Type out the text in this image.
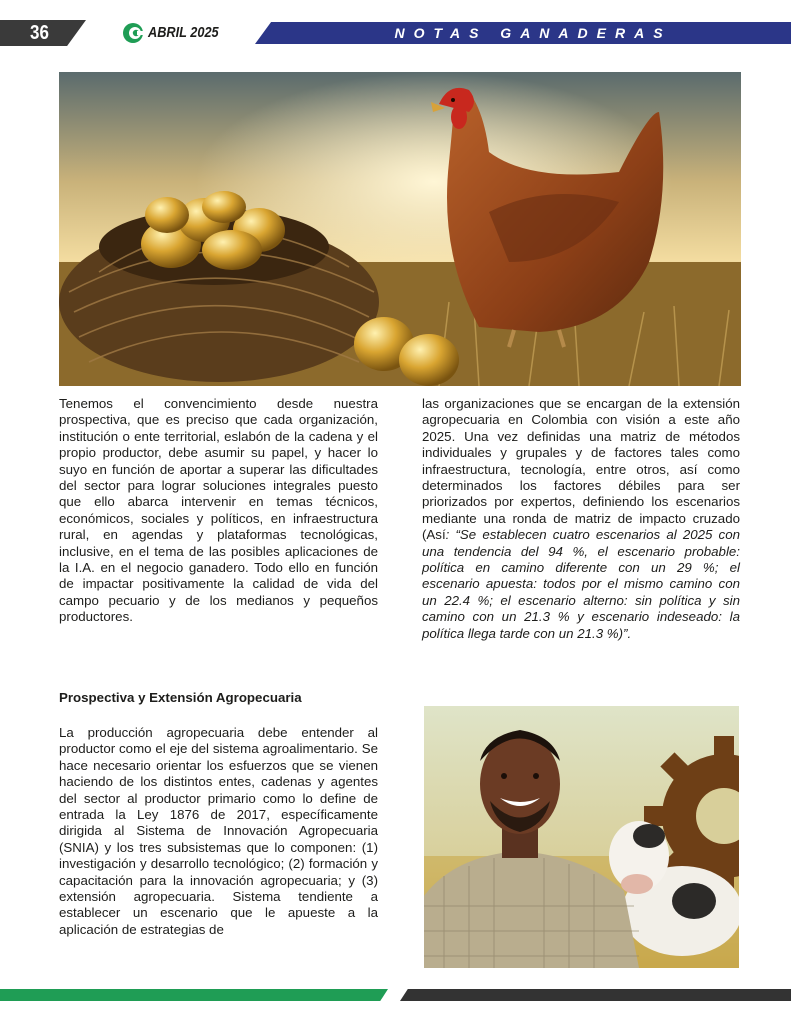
36	ABRIL 2025	NOTAS GANADERAS
Tenemos el convencimiento desde nuestra prospectiva, que es preciso que cada organización, institución o ente territorial, eslabón de la cadena y el propio productor, debe asumir su papel, y hacer lo suyo en función de aportar a superar las dificultades del sector para lograr soluciones integrales puesto que ello abarca intervenir en temas técnicos, económicos, sociales y políticos, en infraestructura rural, en agendas y plataformas tecnológicas, inclusive, en el tema de las posibles aplicaciones de la I.A. en el negocio ganadero. Todo ello en función de impactar positivamente la calidad de vida del campo pecuario y de los medianos y pequeños productores.
Prospectiva y Extensión Agropecuaria
La producción agropecuaria debe entender al productor como el eje del sistema agroalimentario. Se hace necesario orientar los esfuerzos que se vienen haciendo de los distintos entes, cadenas y agentes del sector al productor primario como lo define de entrada la Ley 1876 de 2017, específicamente dirigida al Sistema de Innovación Agropecuaria (SNIA) y los tres subsistemas que lo componen: (1) investigación y desarrollo tecnológico; (2) formación y capacitación para la innovación agropecuaria; y (3) extensión agropecuaria. Sistema tendiente a establecer un escenario que le apueste a la aplicación de estrategias de
las organizaciones que se encargan de la extensión agropecuaria en Colombia con visión a este año 2025. Una vez definidas una matriz de métodos individuales y grupales y de factores tales como infraestructura, tecnología, entre otros, así como determinados los factores débiles para ser priorizados por expertos, definiendo los escenarios mediante una ronda de matriz de impacto cruzado (Así: “Se establecen cuatro escenarios al 2025 con una tendencia del 94 %, el escenario probable: política en camino diferente con un 29 %; el escenario apuesta: todos por el mismo camino con un 22.4 %; el escenario alterno: sin política y sin camino con un 21.3 % y escenario indeseado: la política llega tarde con un 21.3 %)”.
